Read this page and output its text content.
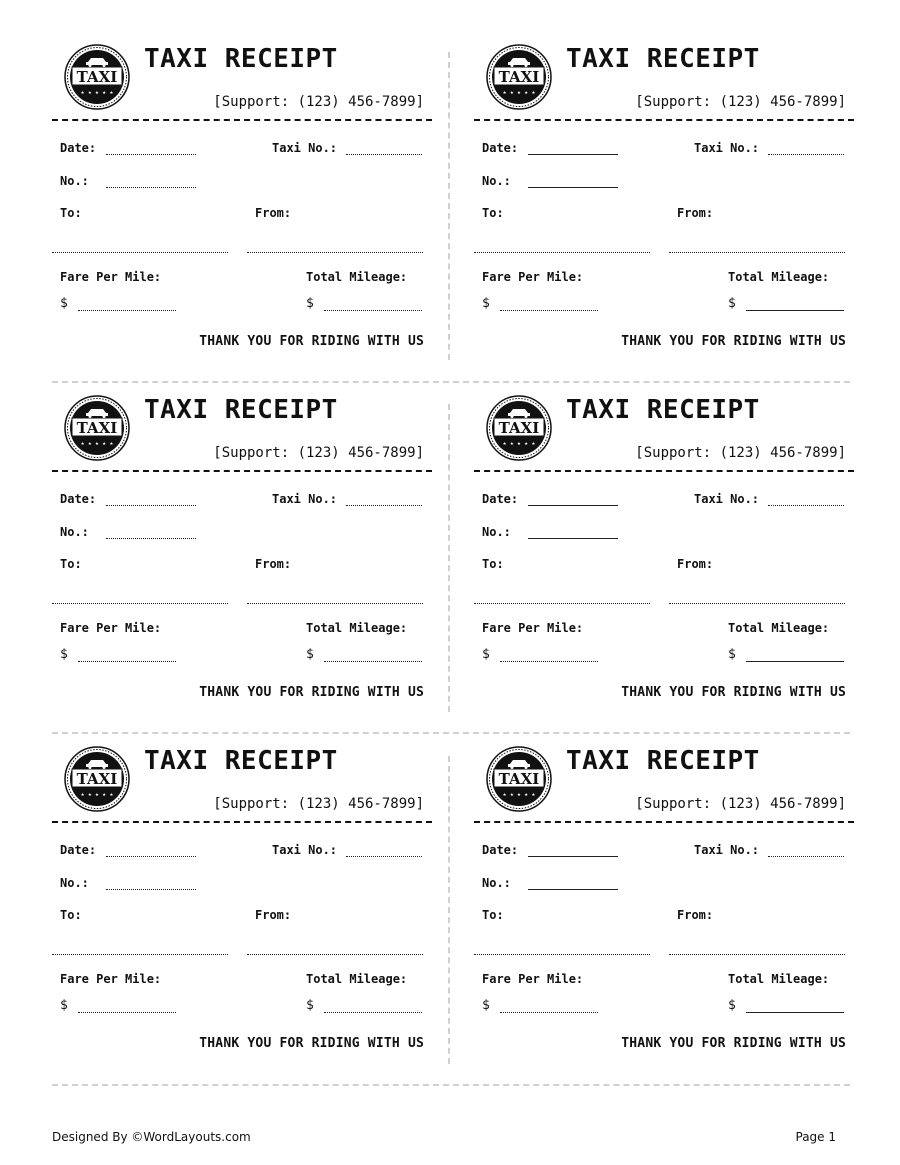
TAXI
★ ★ ★ ★ ★
TAXI RECEIPT
[Support: (123) 456-7899]
Date:	Taxi No.:
No.:
To:	From:
Fare Per Mile:	Total Mileage:
$	$
THANK YOU FOR RIDING WITH US
TAXI
★ ★ ★ ★ ★
TAXI RECEIPT
[Support: (123) 456-7899]
Date:	Taxi No.:
No.:
To:	From:
Fare Per Mile:	Total Mileage:
$	$
THANK YOU FOR RIDING WITH US
TAXI
★ ★ ★ ★ ★
TAXI RECEIPT
[Support: (123) 456-7899]
Date:	Taxi No.:
No.:
To:	From:
Fare Per Mile:	Total Mileage:
$	$
THANK YOU FOR RIDING WITH US
TAXI
★ ★ ★ ★ ★
TAXI RECEIPT
[Support: (123) 456-7899]
Date:	Taxi No.:
No.:
To:	From:
Fare Per Mile:	Total Mileage:
$	$
THANK YOU FOR RIDING WITH US
TAXI
★ ★ ★ ★ ★
TAXI RECEIPT
[Support: (123) 456-7899]
Date:	Taxi No.:
No.:
To:	From:
Fare Per Mile:	Total Mileage:
$	$
THANK YOU FOR RIDING WITH US
TAXI
★ ★ ★ ★ ★
TAXI RECEIPT
[Support: (123) 456-7899]
Date:	Taxi No.:
No.:
To:	From:
Fare Per Mile:	Total Mileage:
$	$
THANK YOU FOR RIDING WITH US
Designed By ©WordLayouts.com	Page 1
